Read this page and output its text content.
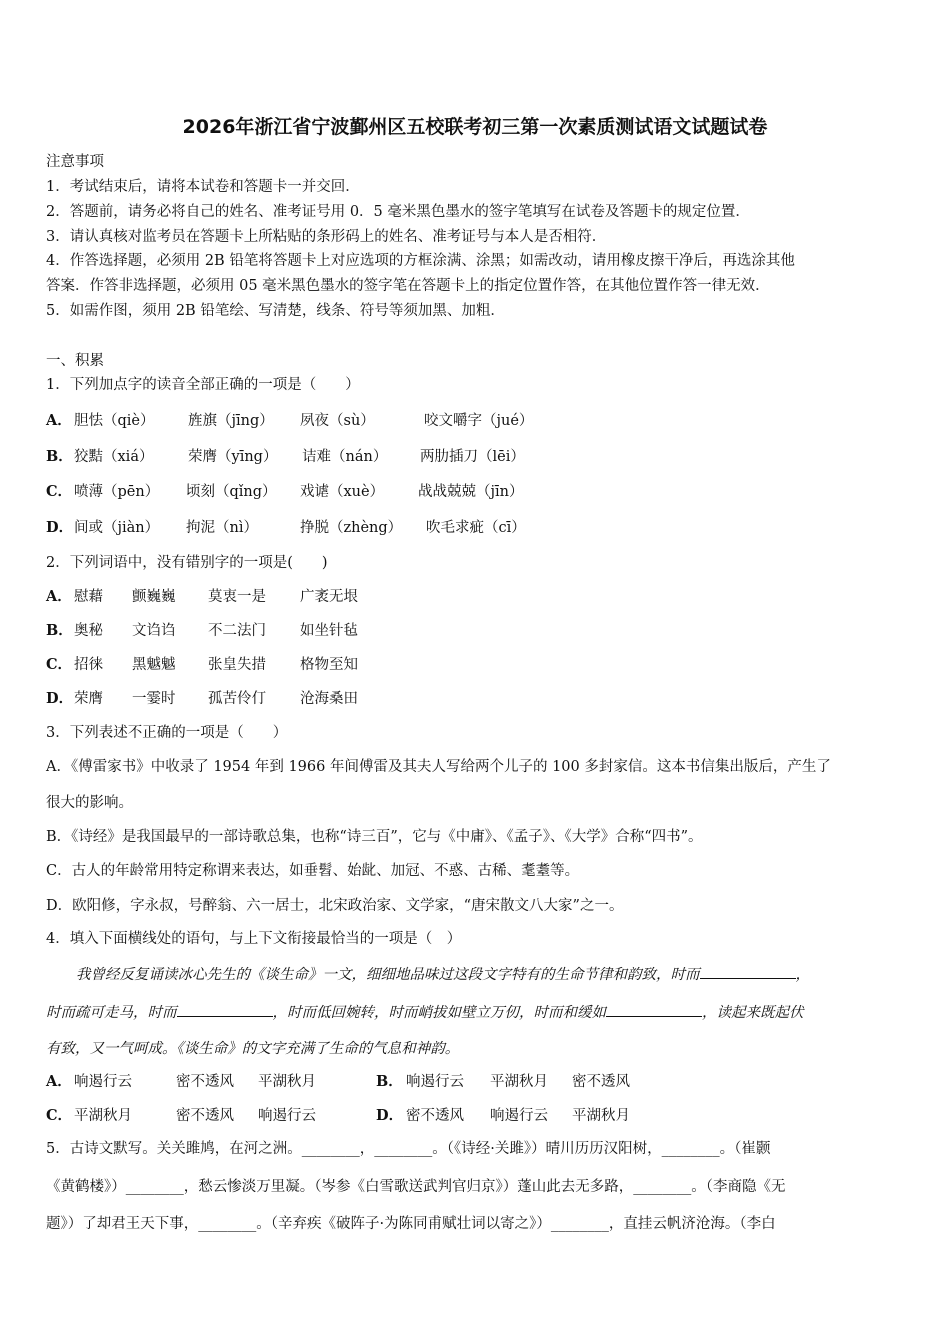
2026年浙江省宁波鄞州区五校联考初三第一次素质测试语文试题试卷
注意事项
1．考试结束后，请将本试卷和答题卡一并交回．
2．答题前，请务必将自己的姓名、准考证号用 0．5 毫米黑色墨水的签字笔填写在试卷及答题卡的规定位置．
3．请认真核对监考员在答题卡上所粘贴的条形码上的姓名、准考证号与本人是否相符．
4．作答选择题，必须用 2B 铅笔将答题卡上对应选项的方框涂满、涂黑；如需改动，请用橡皮擦干净后，再选涂其他
答案．作答非选择题，必须用 05 毫米黑色墨水的签字笔在答题卡上的指定位置作答，在其他位置作答一律无效．
5．如需作图，须用 2B 铅笔绘、写清楚，线条、符号等须加黑、加粗．
一、积累
1．下列加点字的读音全部正确的一项是（　　）
A． 胆怯（qiè） 旌旗（jīng） 夙夜（sù）	咬文嚼字（jué）
B． 狡黠（xiá） 荣膺（yīng） 诘难（nán） 两肋插刀（lēi）
C． 喷薄（pēn） 顷刻（qǐng） 戏谑（xuè） 战战兢兢（jīn）
D． 间或（jiàn） 拘泥（nì）	挣脱（zhèng） 吹毛求疵（cī）
2．下列词语中，没有错别字的一项是(　　)
A． 慰藉 颤巍巍 莫衷一是 广袤无垠
B． 奥秘 文诌诌 不二法门 如坐针毡
C． 招徕 黑魆魆 张皇失措 格物至知
D． 荣膺 一霎时 孤苦伶仃 沧海桑田
3．下列表述不正确的一项是（　　）
A．《傅雷家书》中收录了 1954 年到 1966 年间傅雷及其夫人写给两个儿子的 100 多封家信。这本书信集出版后，产生了
很大的影响。
B．《诗经》是我国最早的一部诗歌总集，也称“诗三百”，它与《中庸》、《孟子》、《大学》合称“四书”。
C．古人的年龄常用特定称谓来表达，如垂髫、始龀、加冠、不惑、古稀、耄耋等。
D．欧阳修，字永叔，号醉翁、六一居士，北宋政治家、文学家，“唐宋散文八大家”之一。
4．填入下面横线处的语句，与上下文衔接最恰当的一项是（　）
我曾经反复诵读冰心先生的《谈生命》一文，细细地品味过这段文字特有的生命节律和韵致，时而	，
时而疏可走马，时而	，时而低回婉转，时而峭拔如壁立万仞，时而和缓如	，读起来既起伏
有致，又一气呵成。《谈生命》的文字充满了生命的气息和神韵。
A． 响遏行云	密不透风 平湖秋月	B． 响遏行云 平湖秋月 密不透风
C． 平湖秋月	密不透风 响遏行云	D． 密不透风 响遏行云 平湖秋月
5．古诗文默写。关关雎鸠，在河之洲。________，________。（《诗经·关雎》）晴川历历汉阳树，________。（崔颢
《黄鹤楼》）________，愁云惨淡万里凝。（岑参《白雪歌送武判官归京》）蓬山此去无多路，________。（李商隐《无
题》）了却君王天下事，________。（辛弃疾《破阵子·为陈同甫赋壮词以寄之》）________，直挂云帆济沧海。（李白
